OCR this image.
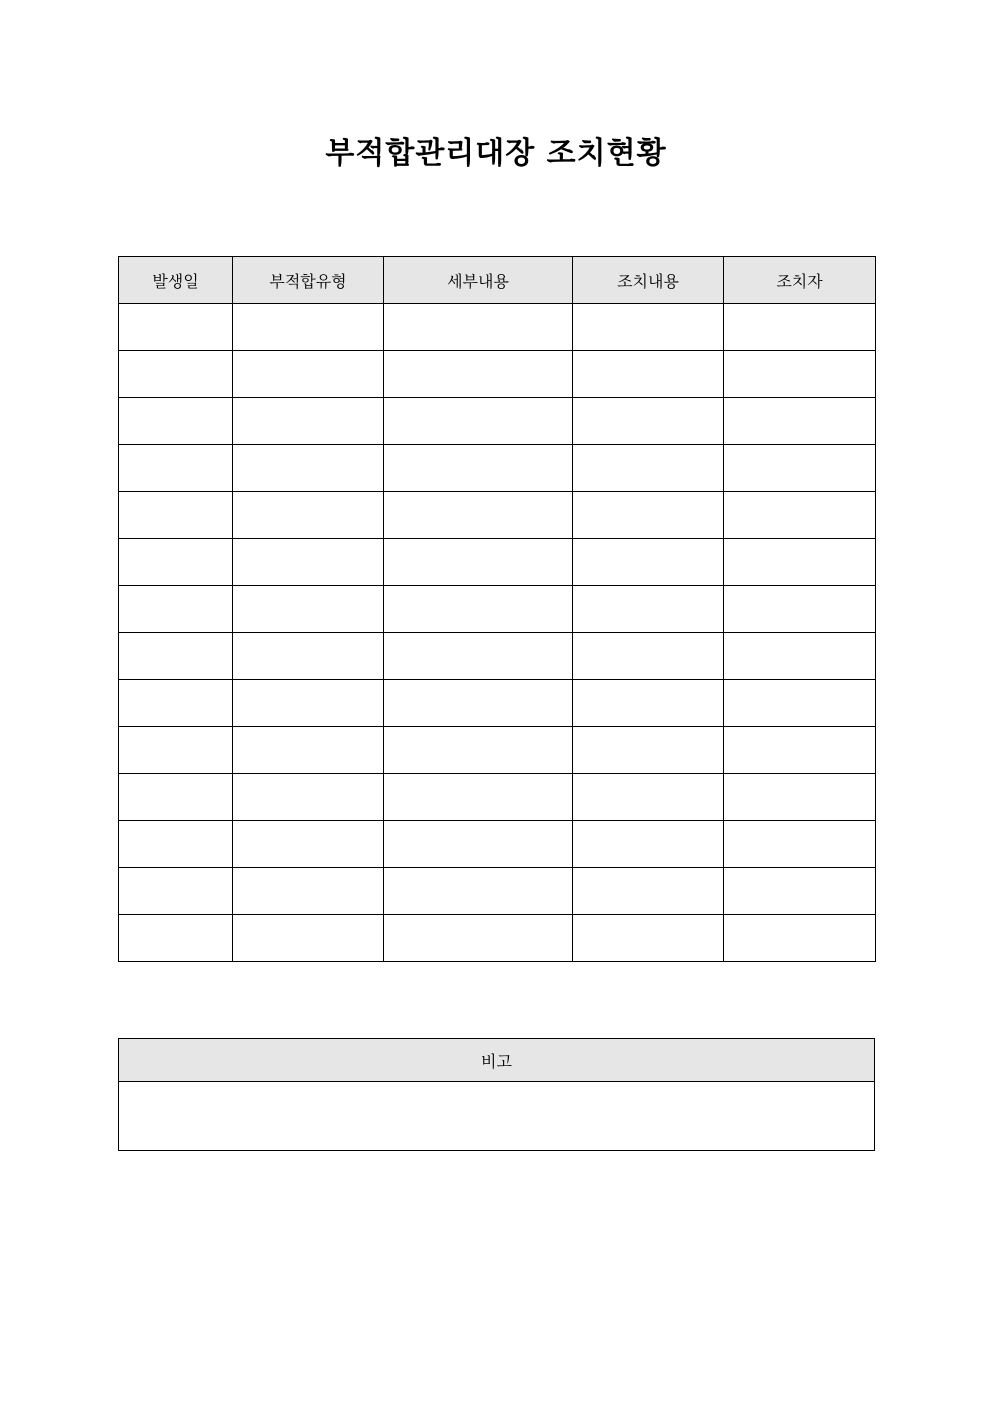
부적합관리대장 조치현황
발생일	부적합유형	세부내용	조치내용	조치자

비고
